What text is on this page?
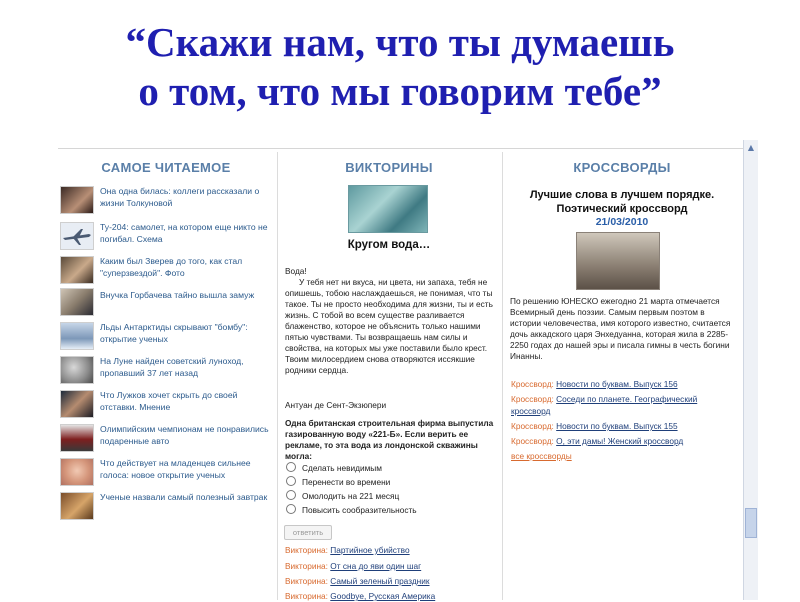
“Скажи нам, что ты думаешь
о том, что мы говорим тебе”
▲
САМОЕ ЧИТАЕМОЕ
Она одна билась: коллеги рассказали о жизни Толкуновой
Ту-204: самолет, на котором еще никто не погибал. Схема
Каким был Зверев до того, как стал "суперзвездой". Фото
Внучка Горбачева тайно вышла замуж
Льды Антарктиды скрывают "бомбу": открытие ученых
На Луне найден советский луноход, пропавший 37 лет назад
Что Лужков хочет скрыть до своей отставки. Мнение
Олимпийским чемпионам не понравились подаренные авто
Что действует на младенцев сильнее голоса: новое открытие ученых
Ученые назвали самый полезный завтрак
ВИКТОРИНЫ
Кругом вода…
Вода!
У тебя нет ни вкуса, ни цвета, ни запаха, тебя не опишешь, тобою наслаждаешься, не понимая, что ты такое. Ты не просто необходима для жизни, ты и есть жизнь. С тобой во всем существе разливается блаженство, которое не объяснить только нашими пятью чувствами. Ты возвращаешь нам силы и свойства, на которых мы уже поставили было крест. Твоим милосердием снова отворяются иссякшие родники сердца.
Антуан де Сент-Экзюпери
Одна британская строительная фирма выпустила газированную воду «221-Б». Если верить ее рекламе, то эта вода из лондонской скважины могла:
Сделать невидимым
Перенести во времени
Омолодить на 221 месяц
Повысить сообразительность
ответить
Викторина: Партийное убийство
Викторина: От сна до яви один шаг
Викторина: Самый зеленый праздник
Викторина: Goodbye, Русская Америка
КРОССВОРДЫ
Лучшие слова в лучшем порядке.
Поэтический кроссворд
21/03/2010
По решению ЮНЕСКО ежегодно 21 марта отмечается Всемирный день поэзии. Самым первым поэтом в истории человечества, имя которого известно, считается дочь аккадского царя Энхедуанна, которая жила в 2285-2250 годах до нашей эры и писала гимны в честь богини Инанны.
Кроссворд: Новости по буквам. Выпуск 156
Кроссворд: Соседи по планете. Географический кроссворд
Кроссворд: Новости по буквам. Выпуск 155
Кроссворд: О, эти дамы! Женский кроссворд
все кроссворды
